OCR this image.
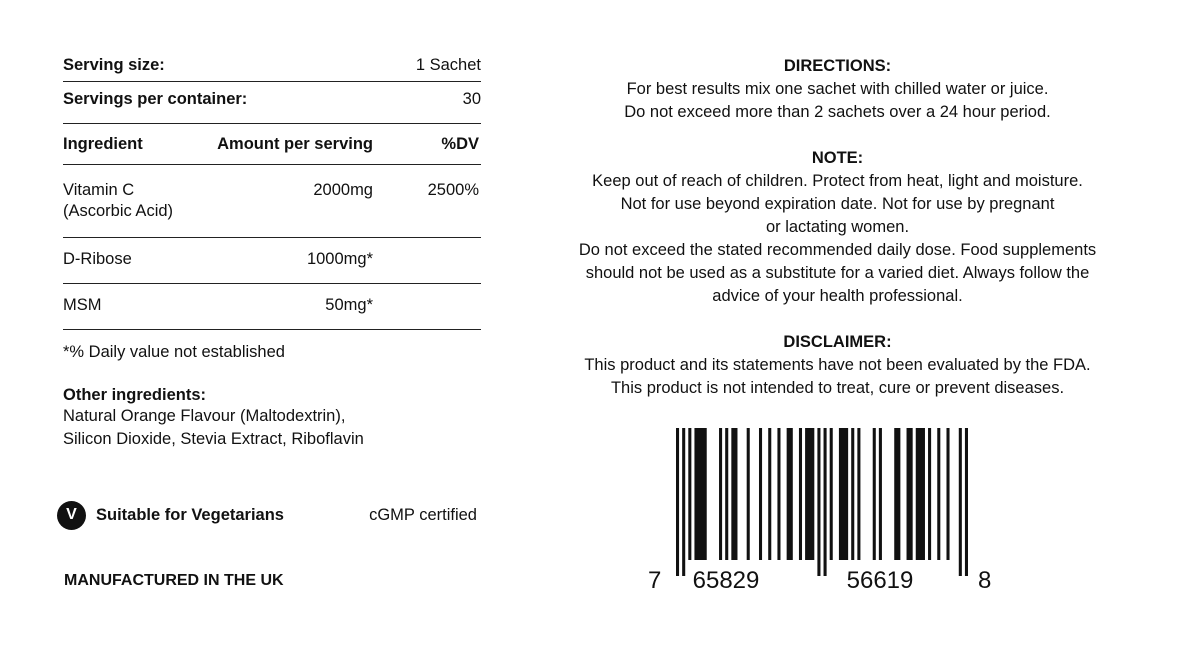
Serving size:	1 Sachet
Servings per container:	30
Ingredient	Amount per serving	%DV
Vitamin C
(Ascorbic Acid)
2000mg	2500%
D-Ribose	1000mg*
MSM	50mg*
*% Daily value not established
Other ingredients:
Natural Orange Flavour (Maltodextrin),
Silicon Dioxide, Stevia Extract, Riboflavin
V	Suitable for Vegetarians	cGMP certified
MANUFACTURED IN THE UK
DIRECTIONS:
For best results mix one sachet with chilled water or juice.
Do not exceed more than 2 sachets over a 24 hour period.
NOTE:
Keep out of reach of children. Protect from heat, light and moisture.
Not for use beyond expiration date. Not for use by pregnant
or lactating women.
Do not exceed the stated recommended daily dose. Food supplements
should not be used as a substitute for a varied diet. Always follow the
advice of your health professional.
DISCLAIMER:
This product and its statements have not been evaluated by the FDA.
This product is not intended to treat, cure or prevent diseases.
7 65829	56619	8
